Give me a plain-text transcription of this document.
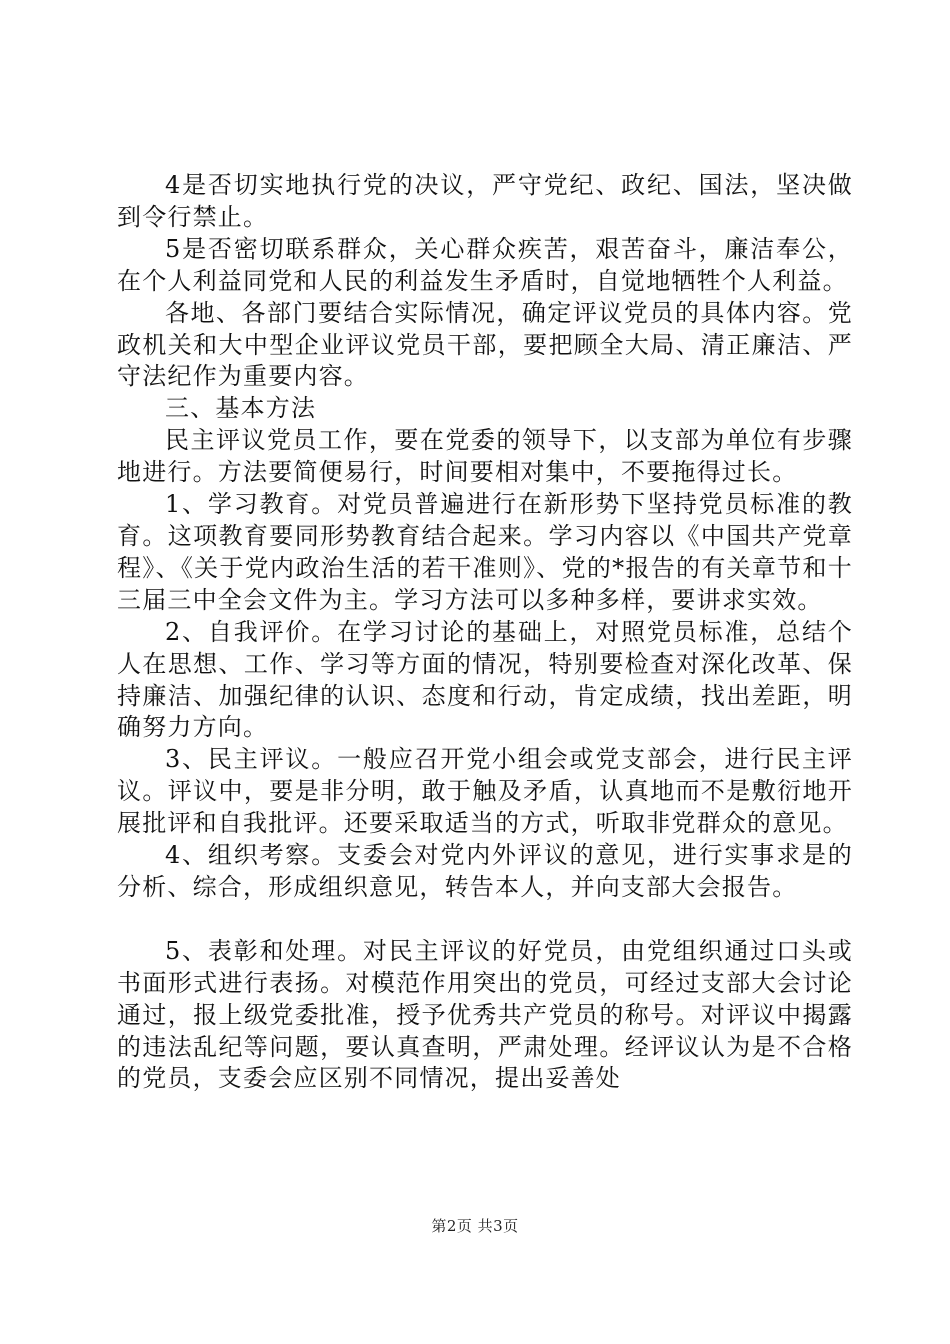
4是否切实地执行党的决议，严守党纪、政纪、国法，坚决做到令行禁止。

5是否密切联系群众，关心群众疾苦，艰苦奋斗，廉洁奉公，在个人利益同党和人民的利益发生矛盾时，自觉地牺牲个人利益。

各地、各部门要结合实际情况，确定评议党员的具体内容。党政机关和大中型企业评议党员干部，要把顾全大局、清正廉洁、严守法纪作为重要内容。

三、基本方法

民主评议党员工作，要在党委的领导下，以支部为单位有步骤地进行。方法要简便易行，时间要相对集中，不要拖得过长。

1、学习教育。对党员普遍进行在新形势下坚持党员标准的教育。这项教育要同形势教育结合起来。学习内容以《中国共产党章程》、《关于党内政治生活的若干准则》、党的*报告的有关章节和十三届三中全会文件为主。学习方法可以多种多样，要讲求实效。

2、自我评价。在学习讨论的基础上，对照党员标准，总结个人在思想、工作、学习等方面的情况，特别要检查对深化改革、保持廉洁、加强纪律的认识、态度和行动，肯定成绩，找出差距，明确努力方向。

3、民主评议。一般应召开党小组会或党支部会，进行民主评议。评议中，要是非分明，敢于触及矛盾，认真地而不是敷衍地开展批评和自我批评。还要采取适当的方式，听取非党群众的意见。

4、组织考察。支委会对党内外评议的意见，进行实事求是的分析、综合，形成组织意见，转告本人，并向支部大会报告。

5、表彰和处理。对民主评议的好党员，由党组织通过口头或书面形式进行表扬。对模范作用突出的党员，可经过支部大会讨论通过，报上级党委批准，授予优秀共产党员的称号。对评议中揭露的违法乱纪等问题，要认真查明，严肃处理。经评议认为是不合格的党员，支委会应区别不同情况，提出妥善处

第2页 共3页
